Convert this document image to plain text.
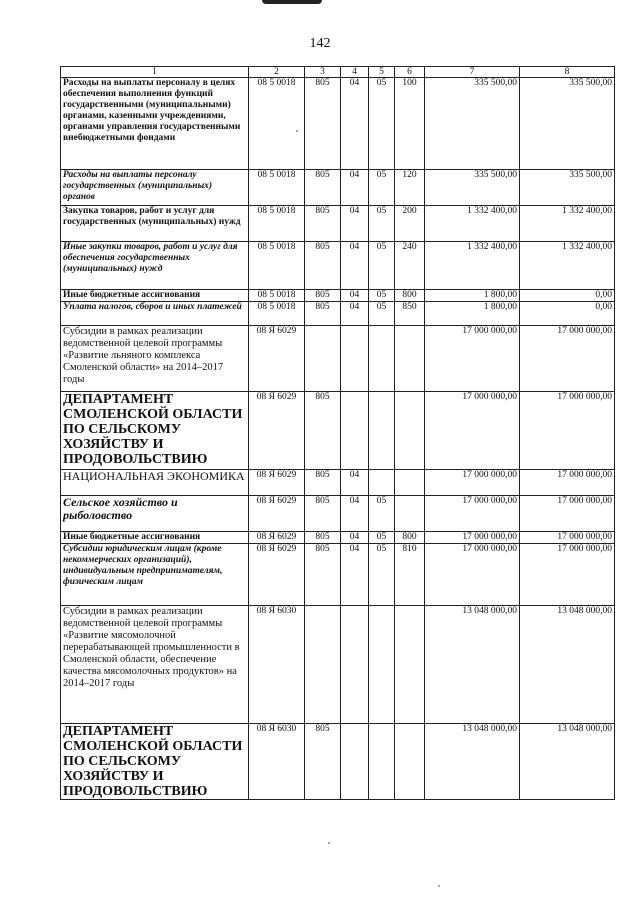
142
1	2	3	4	5	6	7	8
Расходы на выплаты персоналу в целях обеспечения выполнения функций государственными (муниципальными) органами, казенными учреждениями, органами управления государственными внебюджетными фондами	08 5 0018	805	04	05	100	335 500,00	335 500,00
Расходы на выплаты персоналу государственных (муниципальных) органов	08 5 0018	805	04	05	120	335 500,00	335 500,00
Закупка товаров, работ и услуг для государственных (муниципальных) нужд	08 5 0018	805	04	05	200	1 332 400,00	1 332 400,00
Иные закупки товаров, работ и услуг для обеспечения государственных (муниципальных) нужд	08 5 0018	805	04	05	240	1 332 400,00	1 332 400,00
Иные бюджетные ассигнования	08 5 0018	805	04	05	800	1 800,00	0,00
Уплата налогов, сборов и иных платежей	08 5 0018	805	04	05	850	1 800,00	0,00
Субсидии в рамках реализации ведомственной целевой программы «Развитие льняного комплекса Смоленской области» на 2014–2017 годы	08 Я 6029					17 000 000,00	17 000 000,00
ДЕПАРТАМЕНТ СМОЛЕНСКОЙ ОБЛАСТИ ПО СЕЛЬСКОМУ ХОЗЯЙСТВУ И ПРОДОВОЛЬСТВИЮ	08 Я 6029	805				17 000 000,00	17 000 000,00
НАЦИОНАЛЬНАЯ ЭКОНОМИКА	08 Я 6029	805	04			17 000 000,00	17 000 000,00
Сельское хозяйство и рыболовство	08 Я 6029	805	04	05		17 000 000,00	17 000 000,00
Иные бюджетные ассигнования	08 Я 6029	805	04	05	800	17 000 000,00	17 000 000,00
Субсидии юридическим лицам (кроме некоммерческих организаций), индивидуальным предпринимателям, физическим лицам	08 Я 6029	805	04	05	810	17 000 000,00	17 000 000,00
Субсидии в рамках реализации ведомственной целевой программы «Развитие мясомолочной перерабатывающей промышленности в Смоленской области, обеспечение качества мясомолочных продуктов» на 2014–2017 годы	08 Я 6030					13 048 000,00	13 048 000,00
ДЕПАРТАМЕНТ СМОЛЕНСКОЙ ОБЛАСТИ ПО СЕЛЬСКОМУ ХОЗЯЙСТВУ И ПРОДОВОЛЬСТВИЮ	08 Я 6030	805				13 048 000,00	13 048 000,00
